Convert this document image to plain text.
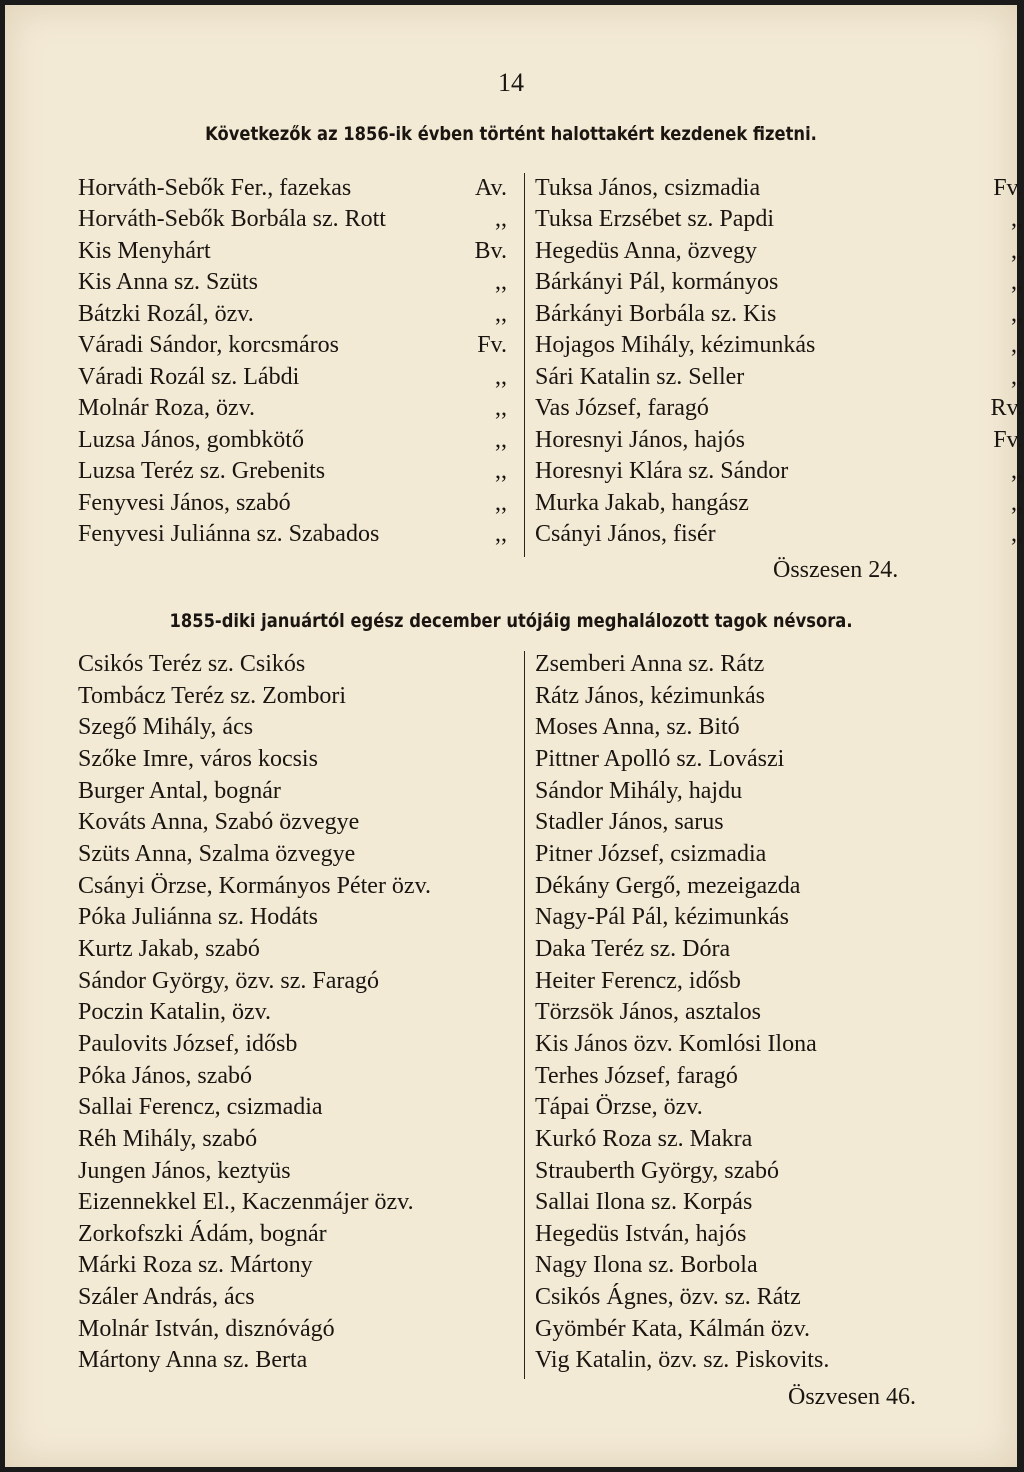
14
Következők az 1856-ik évben történt halottakért kezdenek fizetni.
Horváth-Sebők Fer., fazekas	Av.
Horváth-Sebők Borbála sz. Rott	,,
Kis Menyhárt	Bv.
Kis Anna sz. Szüts	,,
Bátzki Rozál, özv.	,,
Váradi Sándor, korcsmáros	Fv.
Váradi Rozál sz. Lábdi	,,
Molnár Roza, özv.	,,
Luzsa János, gombkötő	,,
Luzsa Teréz sz. Grebenits	,,
Fenyvesi János, szabó	,,
Fenyvesi Juliánna sz. Szabados	,,
Tuksa János, csizmadia	Fv.
Tuksa Erzsébet sz. Papdi	,,
Hegedüs Anna, özvegy	,,
Bárkányi Pál, kormányos	,,
Bárkányi Borbála sz. Kis	,,
Hojagos Mihály, kézimunkás	,,
Sári Katalin sz. Seller	,,
Vas József, faragó	Rv.
Horesnyi János, hajós	Fv.
Horesnyi Klára sz. Sándor	,,
Murka Jakab, hangász	,,
Csányi János, fisér	,,
Összesen 24.
1855-diki januártól egész december utójáig meghalálozott tagok névsora.
Csikós Teréz sz. Csikós
Tombácz Teréz sz. Zombori
Szegő Mihály, ács
Szőke Imre, város kocsis
Burger Antal, bognár
Kováts Anna, Szabó özvegye
Szüts Anna, Szalma özvegye
Csányi Örzse, Kormányos Péter özv.
Póka Juliánna sz. Hodáts
Kurtz Jakab, szabó
Sándor György, özv. sz. Faragó
Poczin Katalin, özv.
Paulovits József, idősb
Póka János, szabó
Sallai Ferencz, csizmadia
Réh Mihály, szabó
Jungen János, keztyüs
Eizennekkel El., Kaczenmájer özv.
Zorkofszki Ádám, bognár
Márki Roza sz. Mártony
Száler András, ács
Molnár István, disznóvágó
Mártony Anna sz. Berta
Zsemberi Anna sz. Rátz
Rátz János, kézimunkás
Moses Anna, sz. Bitó
Pittner Apolló sz. Lovászi
Sándor Mihály, hajdu
Stadler János, sarus
Pitner József, csizmadia
Dékány Gergő, mezeigazda
Nagy-Pál Pál, kézimunkás
Daka Teréz sz. Dóra
Heiter Ferencz, idősb
Törzsök János, asztalos
Kis János özv. Komlósi Ilona
Terhes József, faragó
Tápai Örzse, özv.
Kurkó Roza sz. Makra
Strauberth György, szabó
Sallai Ilona sz. Korpás
Hegedüs István, hajós
Nagy Ilona sz. Borbola
Csikós Ágnes, özv. sz. Rátz
Gyömbér Kata, Kálmán özv.
Vig Katalin, özv. sz. Piskovits.
Öszvesen 46.
